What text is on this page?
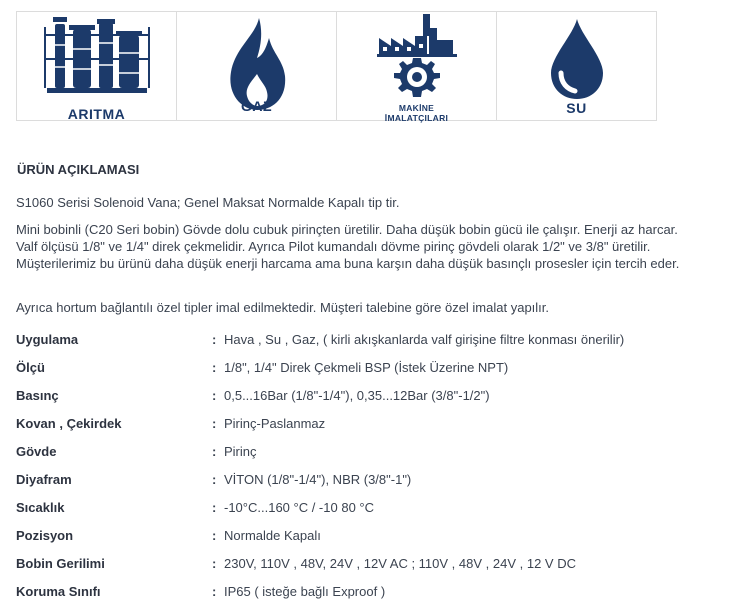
ARITMA	GAZ	MAKİNE
İMALATÇILARI
SU
ÜRÜN AÇIKLAMASI

S1060 Serisi Solenoid Vana; Genel Maksat Normalde Kapalı tip tir.

Mini bobinli (C20 Seri bobin) Gövde dolu cubuk pirinçten üretilir. Daha düşük bobin gücü ile çalışır. Enerji az harcar.

Valf ölçüsü 1/8" ve 1/4" direk çekmelidir. Ayrıca Pilot kumandalı dövme pirinç gövdeli olarak 1/2" ve 3/8" üretilir.

Müşterilerimiz bu ürünü daha düşük enerji harcama ama buna karşın daha düşük basınçlı prosesler için tercih eder.

Ayrıca hortum bağlantılı özel tipler imal edilmektedir. Müşteri talebine göre özel imalat yapılır.

Uygulama	:	Hava , Su , Gaz, ( kirli akışkanlarda valf girişine filtre konması önerilir)
Ölçü	:	1/8", 1/4" Direk Çekmeli BSP (İstek Üzerine NPT)
Basınç	:	0,5...16Bar (1/8"-1/4"), 0,35...12Bar (3/8"-1/2")
Kovan , Çekirdek	:	Pirinç-Paslanmaz
Gövde	:	Pirinç
Diyafram	:	VİTON (1/8"-1/4"), NBR (3/8"-1")
Sıcaklık	:	-10°C...160 °C / -10 80 °C
Pozisyon	:	Normalde Kapalı
Bobin Gerilimi	:	230V, 110V , 48V, 24V , 12V AC ; 110V , 48V , 24V , 12 V DC
Koruma Sınıfı	:	IP65 ( isteğe bağlı Exproof )
